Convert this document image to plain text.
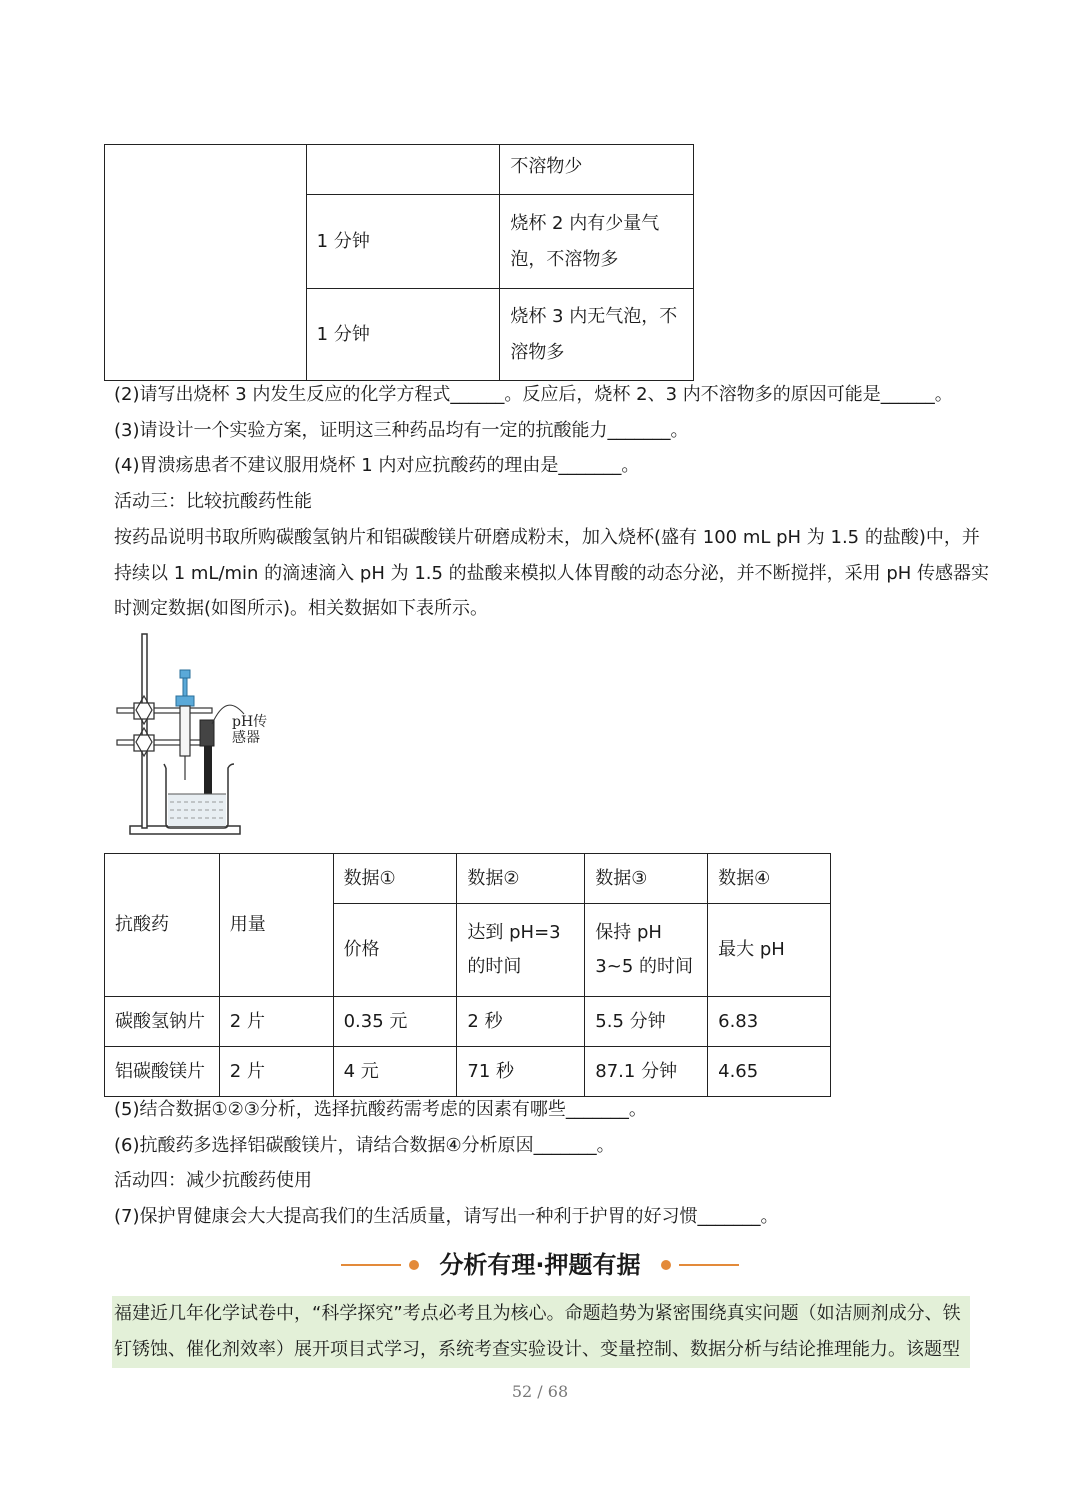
		不溶物少
	1 分钟	烧杯 2 内有少量气泡，不溶物多
	1 分钟	烧杯 3 内无气泡，不溶物多
(2)请写出烧杯 3 内发生反应的化学方程式______。反应后，烧杯 2、3 内不溶物多的原因可能是______。
(3)请设计一个实验方案，证明这三种药品均有一定的抗酸能力_______。
(4)胃溃疡患者不建议服用烧杯 1 内对应抗酸药的理由是_______。
活动三：比较抗酸药性能
按药品说明书取所购碳酸氢钠片和铝碳酸镁片研磨成粉末，加入烧杯(盛有 100 mL pH 为 1.5 的盐酸)中，并
持续以 1 mL/min 的滴速滴入 pH 为 1.5 的盐酸来模拟人体胃酸的动态分泌，并不断搅拌，采用 pH 传感器实
时测定数据(如图所示)。相关数据如下表所示。
pH传
感器
抗酸药	用量	数据①	数据②	数据③	数据④
		价格	达到 pH=3 的时间	保持 pH 3~5 的时间	最大 pH
碳酸氢钠片	2 片	0.35 元	2 秒	5.5 分钟	6.83
铝碳酸镁片	2 片	4 元	71 秒	87.1 分钟	4.65
(5)结合数据①②③分析，选择抗酸药需考虑的因素有哪些_______。
(6)抗酸药多选择铝碳酸镁片，请结合数据④分析原因_______。
活动四：减少抗酸药使用
(7)保护胃健康会大大提高我们的生活质量，请写出一种利于护胃的好习惯_______。
分析有理·押题有据
福建近几年化学试卷中，“科学探究”考点必考且为核心。命题趋势为紧密围绕真实问题（如洁厕剂成分、铁
钉锈蚀、催化剂效率）展开项目式学习，系统考查实验设计、变量控制、数据分析与结论推理能力。该题型
52 / 68
